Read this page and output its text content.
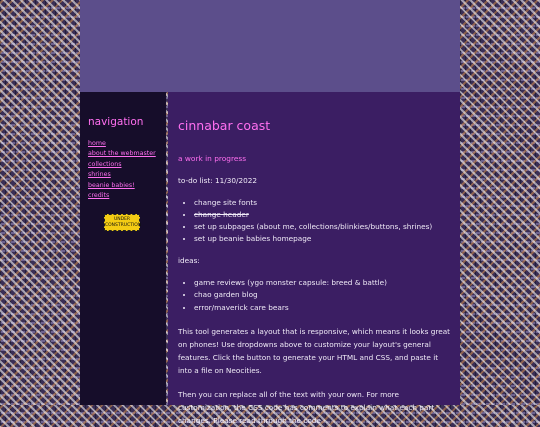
navigation
home
about the webmaster
collections
shrines
beanie babies!
credits
UNDER
CONSTRUCTION
cinnabar coast
a work in progress
to-do list: 11/30/2022
• change site fonts
• change header
• set up subpages (about me, collections/blinkies/buttons, shrines)
• set up beanie babies homepage
ideas:
• game reviews (ygo monster capsule: breed & battle)
• chao garden blog
• error/maverick care bears
This tool generates a layout that is responsive, which means it looks great on phones! Use dropdowns above to customize your layout's general features. Click the button to generate your HTML and CSS, and paste it into a file on Neocities.
Then you can replace all of the text with your own. For more customization, the CSS code has comments to explain what each part changes. Please read through the code -
